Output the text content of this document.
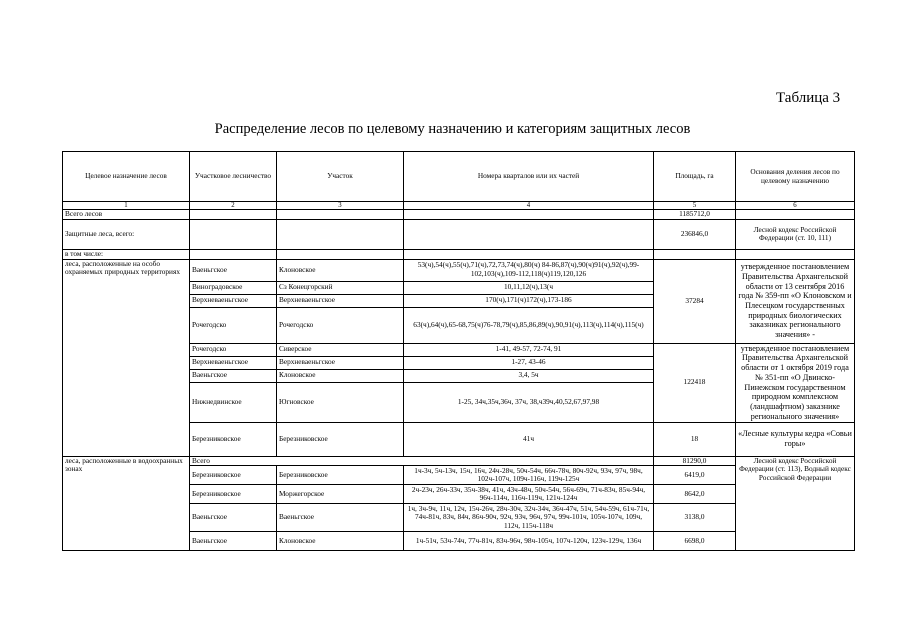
Таблица 3
Распределение лесов по целевому назначению и категориям защитных лесов
Целевое назначение лесов	Участковое лесничество	Участок	Номера кварталов или их частей	Площадь, га	Основания деления лесов по целевому назначению
1	2	3	4	5	6
Всего лесов				1185712,0	
Защитные леса, всего:				236846,0	Лесной кодекс Российской Федерации (ст. 10, 111)
в том числе:					
леса, расположенные на особо охраняемых природных территориях	Ваеньгское	Клоновское	53(ч),54(ч),55(ч),71(ч),72,73,74(ч),80(ч) 84-86,87(ч),90(ч)91(ч),92(ч),99-102,103(ч),109-112,118(ч)119,120,126	37284	утвержденное постановлением Правительства Архангельской области от 13 сентября 2016 года № 359-пп «О Клоновском и Плесецком государственных природных биологических заказниках регионального значения» -
	Виноградовское	Сз Конецгорский	10,11,12(ч),13(ч		
	Верхневаеньгское	Верхневаеньгское	170(ч),171(ч)172(ч),173-186		
	Рочегодско	Рочегодско	63(ч),64(ч),65-68,75(ч)76-78,79(ч),85,86,89(ч),90,91(ч),113(ч),114(ч),115(ч)		
	Рочегодско	Сиверское	1-41, 49-57, 72-74, 91	122418	утвержденное постановлением Правительства Архангельской области от 1 октября 2019 года № 351-пп «О Двинско-Пинежском государственном природном комплексном (ландшафтном) заказнике регионального значения»
	Верхневаеньгское	Верхневаеньгское	1-27, 43-46		
	Ваеньгское	Клоновское	3,4, 5ч		
	Нижнедвинское	Югновское	1-25, 34ч,35ч,36ч, 37ч, 38,ч39ч,40,52,67,97,98		
	Березниковское	Березниковское	41ч	18	«Лесные культуры кедра «Совьи горы»
леса, расположенные в водоохранных зонах	Всего			81290,0	Лесной кодекс Российской Федерации (ст. 113), Водный кодекс Российской Федерации
	Березниковское	Березниковское	1ч-3ч, 5ч-13ч, 15ч, 16ч, 24ч-28ч, 50ч-54ч, 66ч-78ч, 80ч-92ч, 93ч, 97ч, 98ч, 102ч-107ч, 109ч-116ч, 119ч-125ч	6419,0	
	Березниковское	Моржегорское	2ч-23ч, 26ч-33ч, 35ч-38ч, 41ч, 43ч-48ч, 50ч-54ч, 56ч-69ч, 71ч-83ч, 85ч-94ч, 96ч-114ч, 116ч-119ч, 121ч-124ч	8642,0	
	Ваеньгское	Ваеньгское	1ч, 3ч-9ч, 11ч, 12ч, 15ч-26ч, 28ч-30ч, 32ч-34ч, 36ч-47ч, 51ч, 54ч-59ч, 61ч-71ч, 74ч-81ч, 83ч, 84ч, 86ч-90ч, 92ч, 93ч, 96ч, 97ч, 99ч-101ч, 105ч-107ч, 109ч, 112ч, 115ч-118ч	3138,0	
	Ваеньгское	Клоновское	1ч-51ч, 53ч-74ч, 77ч-81ч, 83ч-96ч, 98ч-105ч, 107ч-120ч, 123ч-129ч, 136ч	6698,0	
